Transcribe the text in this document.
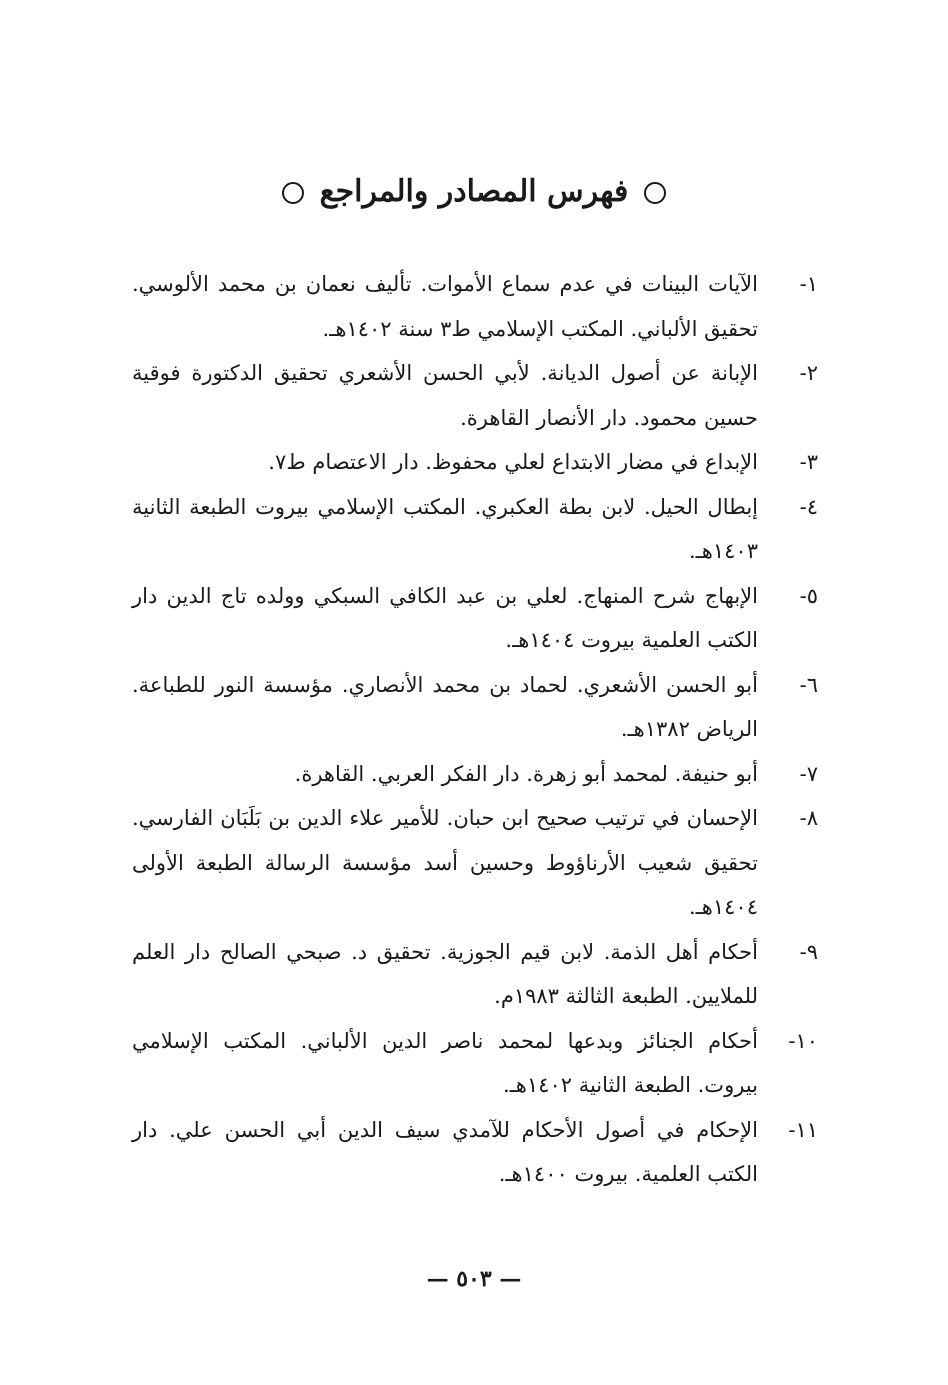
فهرس المصادر والمراجع
١-
الآيات البينات في عدم سماع الأموات. تأليف نعمان بن محمد الألوسي. تحقيق الألباني. المكتب الإسلامي ط٣ سنة ١٤٠٢هـ.
٢-
الإبانة عن أصول الديانة. لأبي الحسن الأشعري تحقيق الدكتورة فوقية حسين محمود. دار الأنصار القاهرة.
٣-
الإبداع في مضار الابتداع لعلي محفوظ. دار الاعتصام ط٧.
٤-
إبطال الحيل. لابن بطة العكبري. المكتب الإسلامي بيروت الطبعة الثانية ١٤٠٣هـ.
٥-
الإبهاج شرح المنهاج. لعلي بن عبد الكافي السبكي وولده تاج الدين دار الكتب العلمية بيروت ١٤٠٤هـ.
٦-
أبو الحسن الأشعري. لحماد بن محمد الأنصاري. مؤسسة النور للطباعة. الرياض ١٣٨٢هـ.
٧-
أبو حنيفة. لمحمد أبو زهرة. دار الفكر العربي. القاهرة.
٨-
الإحسان في ترتيب صحيح ابن حبان. للأمير علاء الدين بن بَلَبَان الفارسي. تحقيق شعيب الأرناؤوط وحسين أسد مؤسسة الرسالة الطبعة الأولى ١٤٠٤هـ.
٩-
أحكام أهل الذمة. لابن قيم الجوزية. تحقيق د. صبحي الصالح دار العلم للملايين. الطبعة الثالثة ١٩٨٣م.
١٠-
أحكام الجنائز وبدعها لمحمد ناصر الدين الألباني. المكتب الإسلامي بيروت. الطبعة الثانية ١٤٠٢هـ.
١١-
الإحكام في أصول الأحكام للآمدي سيف الدين أبي الحسن علي. دار الكتب العلمية. بيروت ١٤٠٠هـ.
— ٥٠٣ —
